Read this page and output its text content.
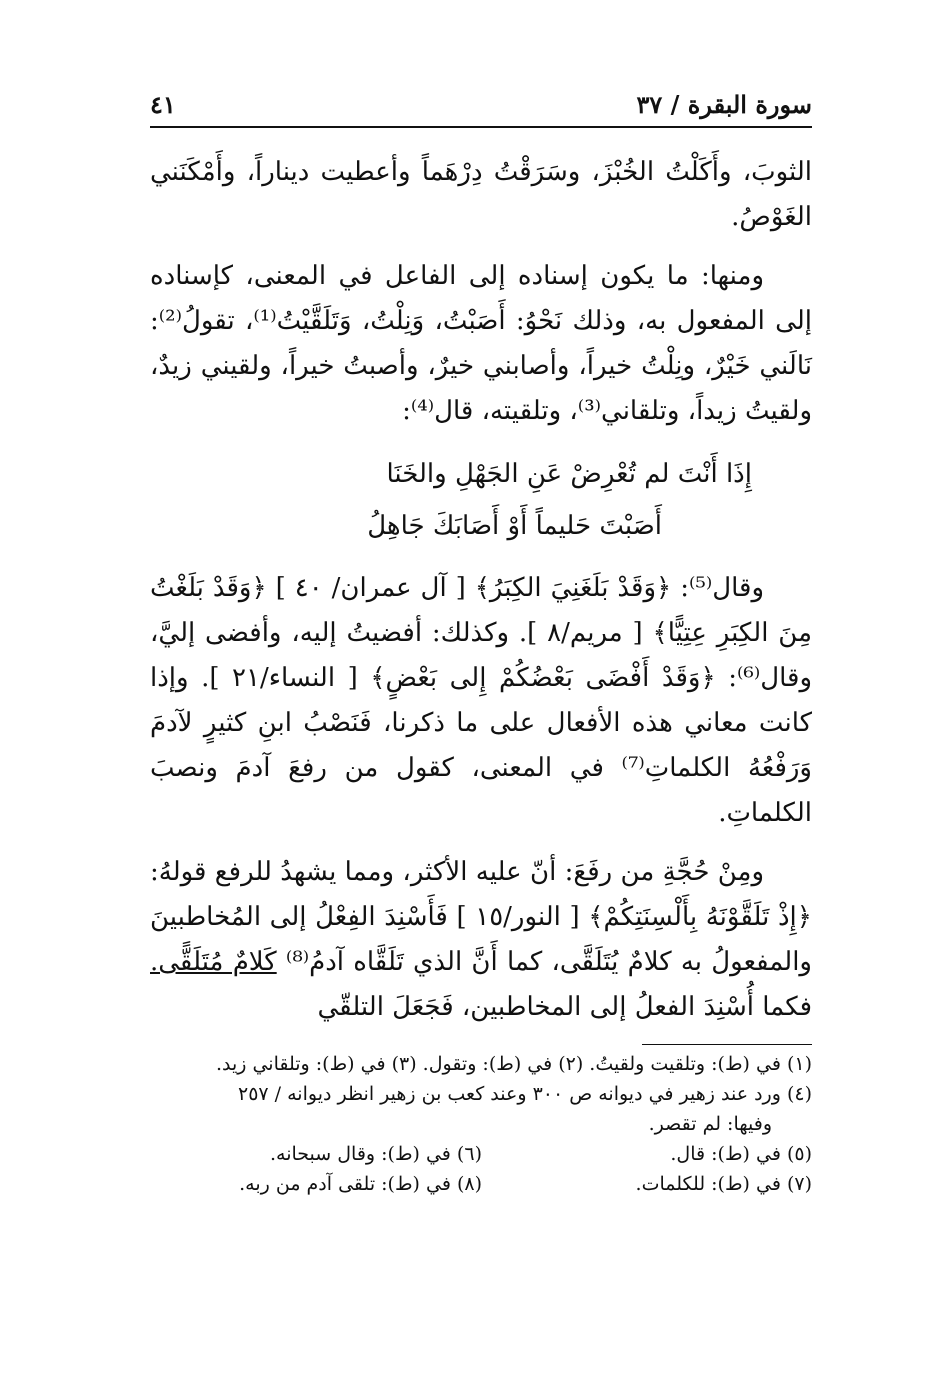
سورة البقرة / ٣٧
٤١

الثوبَ، وأَكَلْتُ الخُبْزَ، وسَرَقْتُ دِرْهَماً وأعطيت ديناراً، وأَمْكَنَني الغَوْصُ.

ومنها: ما يكون إسناده إلى الفاعل في المعنى، كإسناده إلى المفعول به، وذلك نَحْوُ: أَصَبْتُ، وَنِلْتُ، وَتَلَقَّيْتُ⁽¹⁾، تقولُ⁽²⁾: نَالَني خَيْرٌ، ونِلْتُ خيراً، وأصابني خيرٌ، وأصبتُ خيراً، ولقيني زيدٌ، ولقيتُ زيداً، وتلقاني⁽³⁾، وتلقيته، قال⁽⁴⁾:

إِذَا أَنْتَ لم تُعْرِضْ عَنِ الجَهْلِ والخَنَا

أَصَبْتَ حَليماً أَوْ أَصَابَكَ جَاهِلُ

وقال⁽⁵⁾: ﴿وَقَدْ بَلَغَنِيَ الكِبَرُ﴾ [ آل عمران/ ٤٠ ] ﴿وَقَدْ بَلَغْتُ مِنَ الكِبَرِ عِتِيًّا﴾ [ مريم/٨ ]. وكذلك: أفضيتُ إليه، وأفضى إليَّ، وقال⁽⁶⁾: ﴿وَقَدْ أَفْضَى بَعْضُكُمْ إِلى بَعْضٍ﴾ [ النساء/٢١ ]. وإذا كانت معاني هذه الأفعال على ما ذكرنا، فَنَصْبُ ابنِ كثيرٍ لآدمَ وَرَفْعُهُ الكلماتِ⁽⁷⁾ في المعنى، كقول من رفعَ آدمَ ونصبَ الكلماتِ.

ومِنْ حُجَّةِ من رفَعَ: أنّ عليه الأكثر، ومما يشهدُ للرفع قولهُ: ﴿إِذْ تَلَقَّوْنَهُ بِأَلْسِنَتِكُمْ﴾ [ النور/١٥ ] فَأَسْنِدَ الفِعْلُ إلى المُخاطبينَ والمفعولُ به كلامٌ يُتَلَقَّى، كما أَنَّ الذي تَلَقَّاه آدمُ⁽⁸⁾ كَلامٌ مُتَلَقًّى. فكما أُسْنِدَ الفعلُ إلى المخاطبين، فَجَعَلَ التلقّي

(١) في (ط): وتلقيت ولقيتُ. (٢) في (ط): وتقول. (٣) في (ط): وتلقاني زيد.
(٤) ورد عند زهير في ديوانه ص ٣٠٠ وعند كعب بن زهير انظر ديوانه / ٢٥٧
وفيها: لم تقصر.
(٥) في (ط): قال.
(٦) في (ط): وقال سبحانه.
(٧) في (ط): للكلمات.
(٨) في (ط): تلقى آدم من ربه.
